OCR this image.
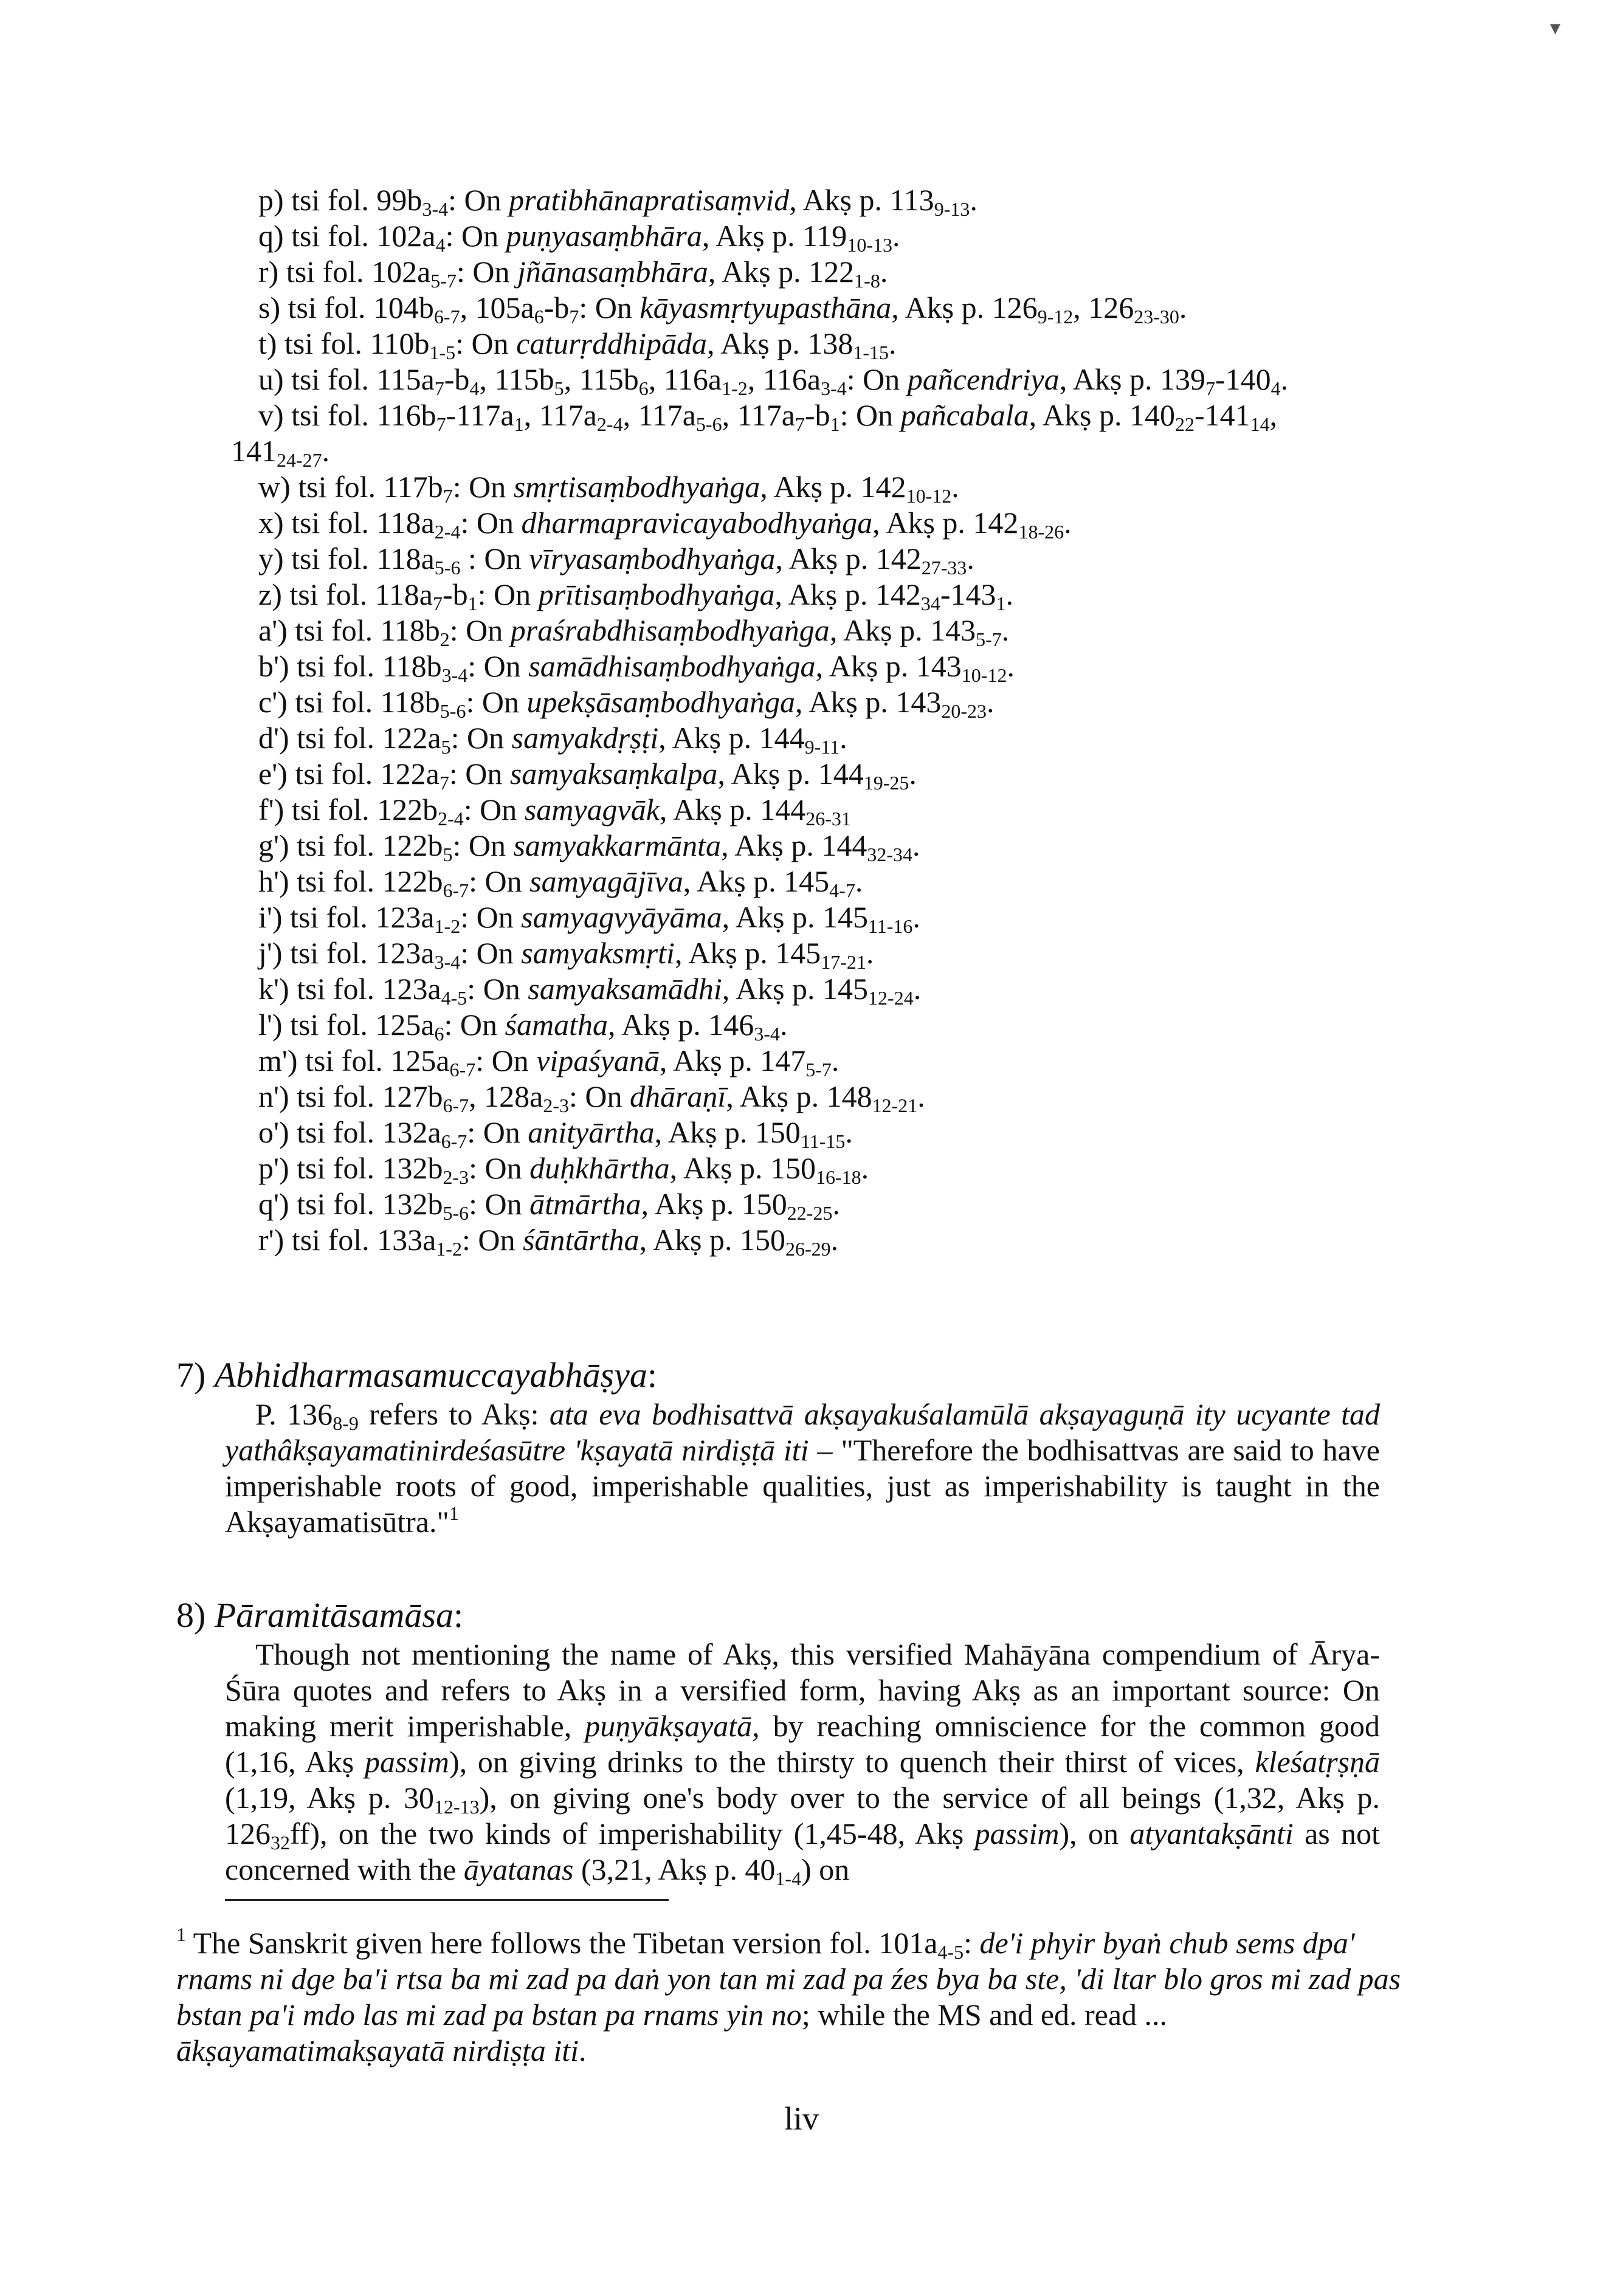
▾
p) tsi fol. $99b_{3-4}$: On pratibhānapratisaṃvid, Akṣ p. $113_{9-13}$.
q) tsi fol. $102a_4$: On puṇyasaṃbhāra, Akṣ p. $119_{10-13}$.
r) tsi fol. $102a_{5-7}$: On jñānasaṃbhāra, Akṣ p. $122_{1-8}$.
s) tsi fol. $104b_{6-7}$, $105a_6-b_7$: On kāyasmṛtyupasthāna, Akṣ p. $126_{9-12}$, $126_{23-30}$.
t) tsi fol. $110b_{1-5}$: On caturṛddhipāda, Akṣ p. $138_{1-15}$.
u) tsi fol. $115a_7-b_4$, $115b_5$, $115b_6$, $116a_{1-2}$, $116a_{3-4}$: On pañcendriya, Akṣ p. $139_7-140_4$.
v) tsi fol. $116b_7-117a_1$, $117a_{2-4}$, $117a_{5-6}$, $117a_7-b_1$: On pañcabala, Akṣ p. $140_{22}-141_{14}$,
$141_{24-27}$.
w) tsi fol. $117b_7$: On smṛtisaṃbodhyaṅga, Akṣ p. $142_{10-12}$.
x) tsi fol. $118a_{2-4}$: On dharmapravicayabodhyaṅga, Akṣ p. $142_{18-26}$.
y) tsi fol. $118a_{5-6}$ : On vīryasaṃbodhyaṅga, Akṣ p. $142_{27-33}$.
z) tsi fol. $118a_7-b_1$: On prītisaṃbodhyaṅga, Akṣ p. $142_{34}-143_1$.
a') tsi fol. $118b_2$: On praśrabdhisaṃbodhyaṅga, Akṣ p. $143_{5-7}$.
b') tsi fol. $118b_{3-4}$: On samādhisaṃbodhyaṅga, Akṣ p. $143_{10-12}$.
c') tsi fol. $118b_{5-6}$: On upekṣāsaṃbodhyaṅga, Akṣ p. $143_{20-23}$.
d') tsi fol. $122a_5$: On samyakdṛṣṭi, Akṣ p. $144_{9-11}$.
e') tsi fol. $122a_7$: On samyaksaṃkalpa, Akṣ p. $144_{19-25}$.
f') tsi fol. $122b_{2-4}$: On samyagvāk, Akṣ p. $144_{26-31}$
g') tsi fol. $122b_5$: On samyakkarmānta, Akṣ p. $144_{32-34}$.
h') tsi fol. $122b_{6-7}$: On samyagājīva, Akṣ p. $145_{4-7}$.
i') tsi fol. $123a_{1-2}$: On samyagvyāyāma, Akṣ p. $145_{11-16}$.
j') tsi fol. $123a_{3-4}$: On samyaksmṛti, Akṣ p. $145_{17-21}$.
k') tsi fol. $123a_{4-5}$: On samyaksamādhi, Akṣ p. $145_{12-24}$.
l') tsi fol. $125a_6$: On śamatha, Akṣ p. $146_{3-4}$.
m') tsi fol. $125a_{6-7}$: On vipaśyanā, Akṣ p. $147_{5-7}$.
n') tsi fol. $127b_{6-7}$, $128a_{2-3}$: On dhāraṇī, Akṣ p. $148_{12-21}$.
o') tsi fol. $132a_{6-7}$: On anityārtha, Akṣ p. $150_{11-15}$.
p') tsi fol. $132b_{2-3}$: On duḥkhārtha, Akṣ p. $150_{16-18}$.
q') tsi fol. $132b_{5-6}$: On ātmārtha, Akṣ p. $150_{22-25}$.
r') tsi fol. $133a_{1-2}$: On śāntārtha, Akṣ p. $150_{26-29}$.
7) Abhidharmasamuccayabhāṣya:

P. $136_{8-9}$ refers to Akṣ: ata eva bodhisattvā akṣayakuśalamūlā akṣayaguṇā ity ucyante tad yathâkṣayamatinirdeśasūtre 'kṣayatā nirdiṣṭā iti – "Therefore the bodhisattvas are said to have imperishable roots of good, imperishable qualities, just as imperishability is taught in the Akṣayamatisūtra."$^1$

8) Pāramitāsamāsa:

Though not mentioning the name of Akṣ, this versified Mahāyāna compendium of Ārya-Śūra quotes and refers to Akṣ in a versified form, having Akṣ as an important source: On making merit imperishable, puṇyākṣayatā, by reaching omniscience for the common good (1,16, Akṣ passim), on giving drinks to the thirsty to quench their thirst of vices, kleśatṛṣṇā (1,19, Akṣ p. $30_{12-13}$), on giving one's body over to the service of all beings (1,32, Akṣ p. $126_{32}ff$), on the two kinds of imperishability (1,45-48, Akṣ passim), on atyantakṣānti as not concerned with the āyatanas (3,21, Akṣ p. $40_{1-4}$) on

$^1$ The Sanskrit given here follows the Tibetan version fol. $101a_{4-5}$: de'i phyir byaṅ chub sems dpa' rnams ni dge ba'i rtsa ba mi zad pa daṅ yon tan mi zad pa źes bya ba ste, 'di ltar blo gros mi zad pas bstan pa'i mdo las mi zad pa bstan pa rnams yin no; while the MS and ed. read ... ākṣayamatimakṣayatā nirdiṣṭa iti.

liv
